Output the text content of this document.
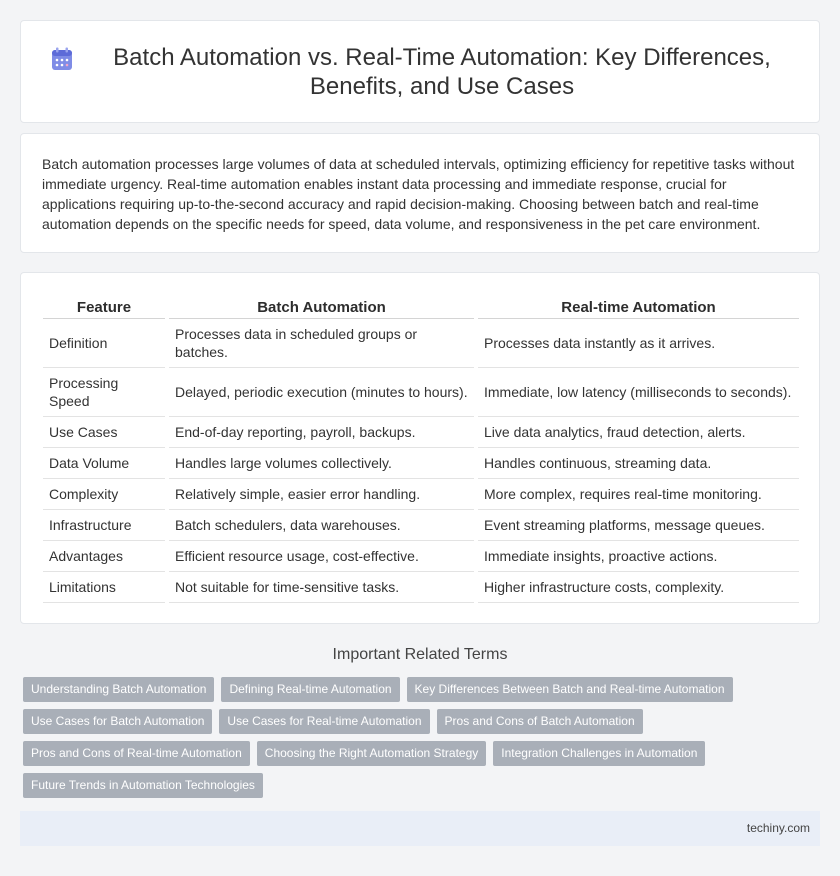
Batch Automation vs. Real-Time Automation: Key Differences, Benefits, and Use Cases

Batch automation processes large volumes of data at scheduled intervals, optimizing efficiency for repetitive tasks without immediate urgency. Real-time automation enables instant data processing and immediate response, crucial for applications requiring up-to-the-second accuracy and rapid decision-making. Choosing between batch and real-time automation depends on the specific needs for speed, data volume, and responsiveness in the pet care environment.

Feature	Batch Automation	Real-time Automation
Definition	Processes data in scheduled groups or batches.	Processes data instantly as it arrives.
Processing Speed	Delayed, periodic execution (minutes to hours).	Immediate, low latency (milliseconds to seconds).
Use Cases	End-of-day reporting, payroll, backups.	Live data analytics, fraud detection, alerts.
Data Volume	Handles large volumes collectively.	Handles continuous, streaming data.
Complexity	Relatively simple, easier error handling.	More complex, requires real-time monitoring.
Infrastructure	Batch schedulers, data warehouses.	Event streaming platforms, message queues.
Advantages	Efficient resource usage, cost-effective.	Immediate insights, proactive actions.
Limitations	Not suitable for time-sensitive tasks.	Higher infrastructure costs, complexity.
Important Related Terms
Understanding Batch Automation	Defining Real-time Automation	Key Differences Between Batch and Real-time Automation
Use Cases for Batch Automation	Use Cases for Real-time Automation	Pros and Cons of Batch Automation
Pros and Cons of Real-time Automation	Choosing the Right Automation Strategy	Integration Challenges in Automation
Future Trends in Automation Technologies
techiny.com
